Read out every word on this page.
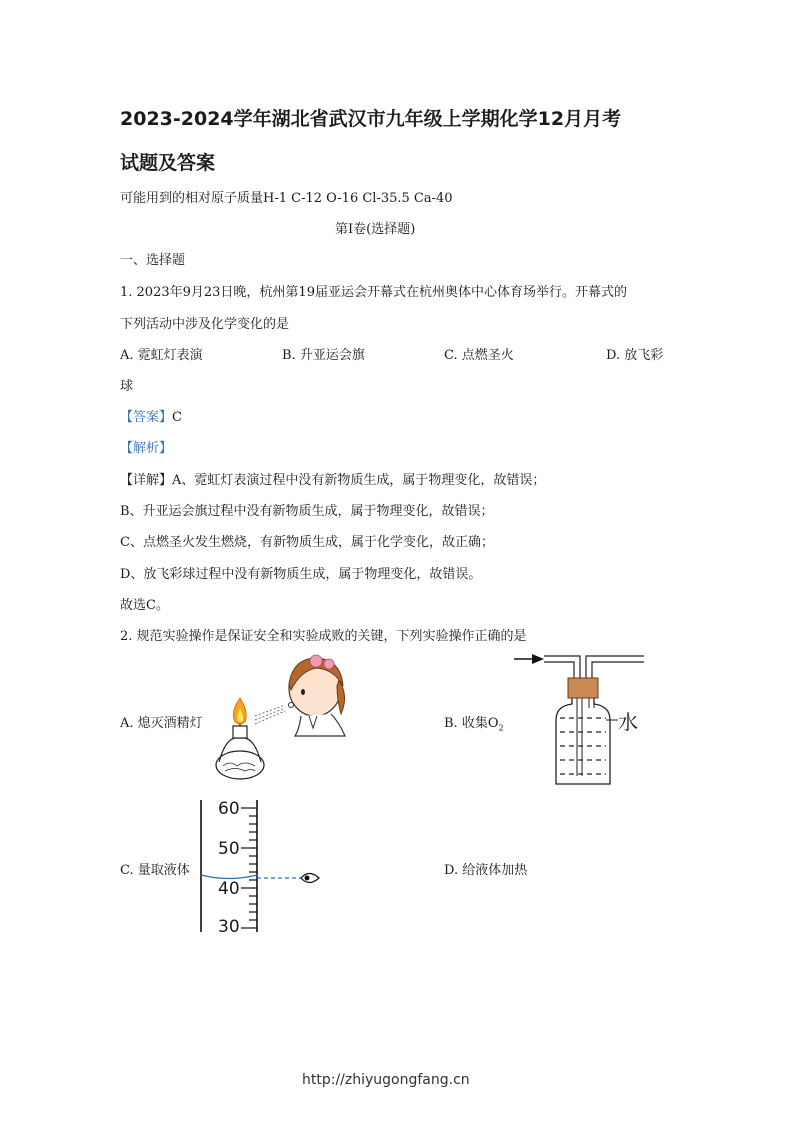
2023-2024学年湖北省武汉市九年级上学期化学12月月考
试题及答案
可能用到的相对原子质量H-1 C-12 O-16 Cl-35.5 Ca-40
第Ⅰ卷(选择题)
一、选择题
1. 2023年9月23日晚，杭州第19届亚运会开幕式在杭州奥体中心体育场举行。开幕式的
下列活动中涉及化学变化的是
A. 霓虹灯表演	B. 升亚运会旗	C. 点燃圣火	D. 放飞彩
球
【答案】C
【解析】
【详解】A、霓虹灯表演过程中没有新物质生成，属于物理变化，故错误；
B、升亚运会旗过程中没有新物质生成，属于物理变化，故错误；
C、点燃圣火发生燃烧，有新物质生成，属于化学变化，故正确；
D、放飞彩球过程中没有新物质生成，属于物理变化，故错误。
故选C。
2. 规范实验操作是保证安全和实验成败的关键，下列实验操作正确的是
A. 熄灭酒精灯	B. 收集$O_2$
C. 量取液体	D. 给液体加热
水
60
50
40
30
http://zhiyugongfang.cn
